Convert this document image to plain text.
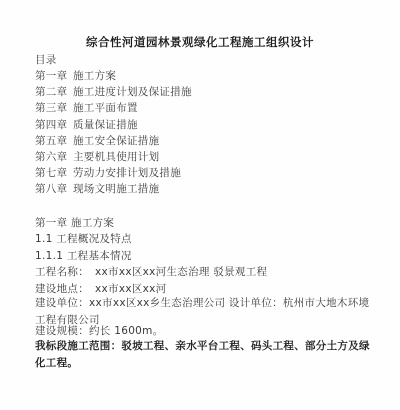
综合性河道园林景观绿化工程施工组织设计
目录
第一章 施工方案
第二章 施工进度计划及保证措施
第三章 施工平面布置
第四章 质量保证措施
第五章 施工安全保证措施
第六章 主要机具使用计划
第七章 劳动力安排计划及措施
第八章 现场文明施工措施
第一章 施工方案
1.1 工程概况及特点
1.1.1 工程基本情况
工程名称： xx市xx区xx河生态治理 驳景观工程
建设地点： xx市xx区xx河
建设单位：xx市xx区xx乡生态治理公司 设计单位：杭州市大地木环境工程有限公司
建设规模：约长 1600m。
我标段施工范围：驳坡工程、亲水平台工程、码头工程、部分土方及绿化工程。
